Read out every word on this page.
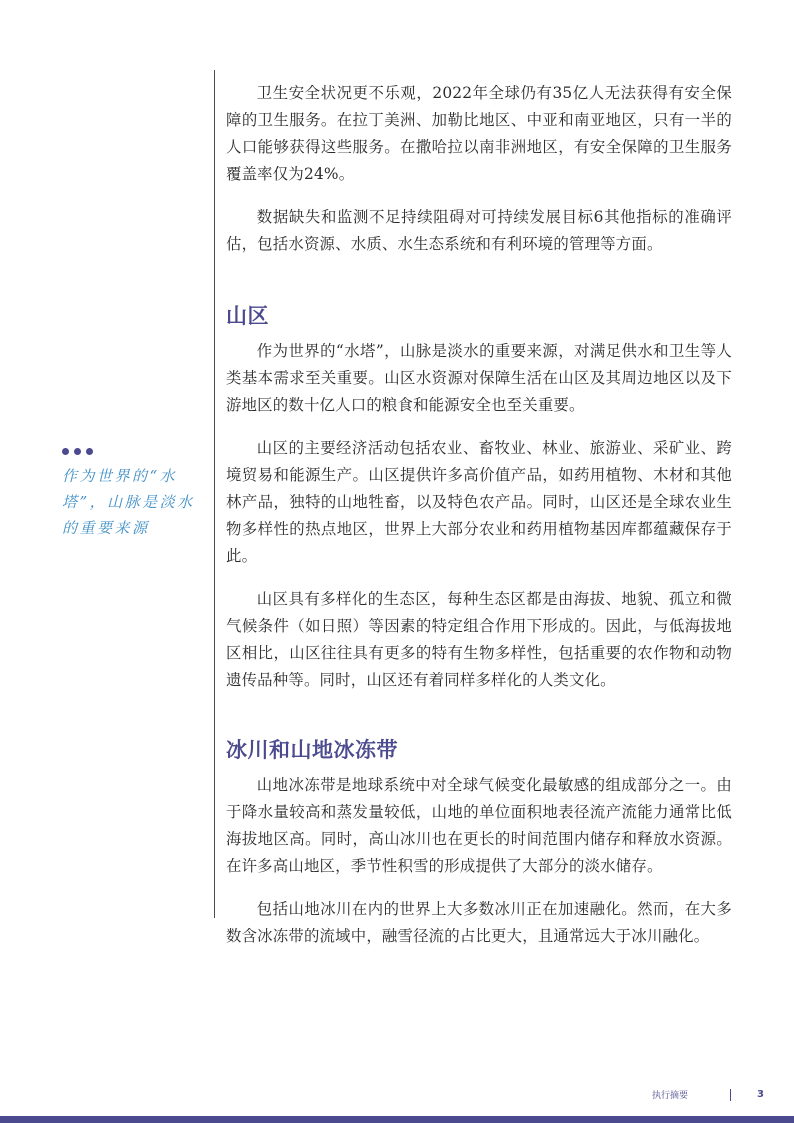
卫生安全状况更不乐观，2022年全球仍有35亿人无法获得有安全保障的卫生服务。在拉丁美洲、加勒比地区、中亚和南亚地区，只有一半的人口能够获得这些服务。在撒哈拉以南非洲地区，有安全保障的卫生服务覆盖率仅为24%。

数据缺失和监测不足持续阻碍对可持续发展目标6其他指标的准确评估，包括水资源、水质、水生态系统和有利环境的管理等方面。

山区

作为世界的“水塔”，山脉是淡水的重要来源，对满足供水和卫生等人类基本需求至关重要。山区水资源对保障生活在山区及其周边地区以及下游地区的数十亿人口的粮食和能源安全也至关重要。

山区的主要经济活动包括农业、畜牧业、林业、旅游业、采矿业、跨境贸易和能源生产。山区提供许多高价值产品，如药用植物、木材和其他林产品，独特的山地牲畜，以及特色农产品。同时，山区还是全球农业生物多样性的热点地区，世界上大部分农业和药用植物基因库都蕴藏保存于此。

山区具有多样化的生态区，每种生态区都是由海拔、地貌、孤立和微气候条件（如日照）等因素的特定组合作用下形成的。因此，与低海拔地区相比，山区往往具有更多的特有生物多样性，包括重要的农作物和动物遗传品种等。同时，山区还有着同样多样化的人类文化。

冰川和山地冰冻带

山地冰冻带是地球系统中对全球气候变化最敏感的组成部分之一。由于降水量较高和蒸发量较低，山地的单位面积地表径流产流能力通常比低海拔地区高。同时，高山冰川也在更长的时间范围内储存和释放水资源。在许多高山地区，季节性积雪的形成提供了大部分的淡水储存。

包括山地冰川在内的世界上大多数冰川正在加速融化。然而，在大多数含冰冻带的流域中，融雪径流的占比更大，且通常远大于冰川融化。

作为世界的“水塔”，山脉是淡水的重要来源

执行摘要	3
